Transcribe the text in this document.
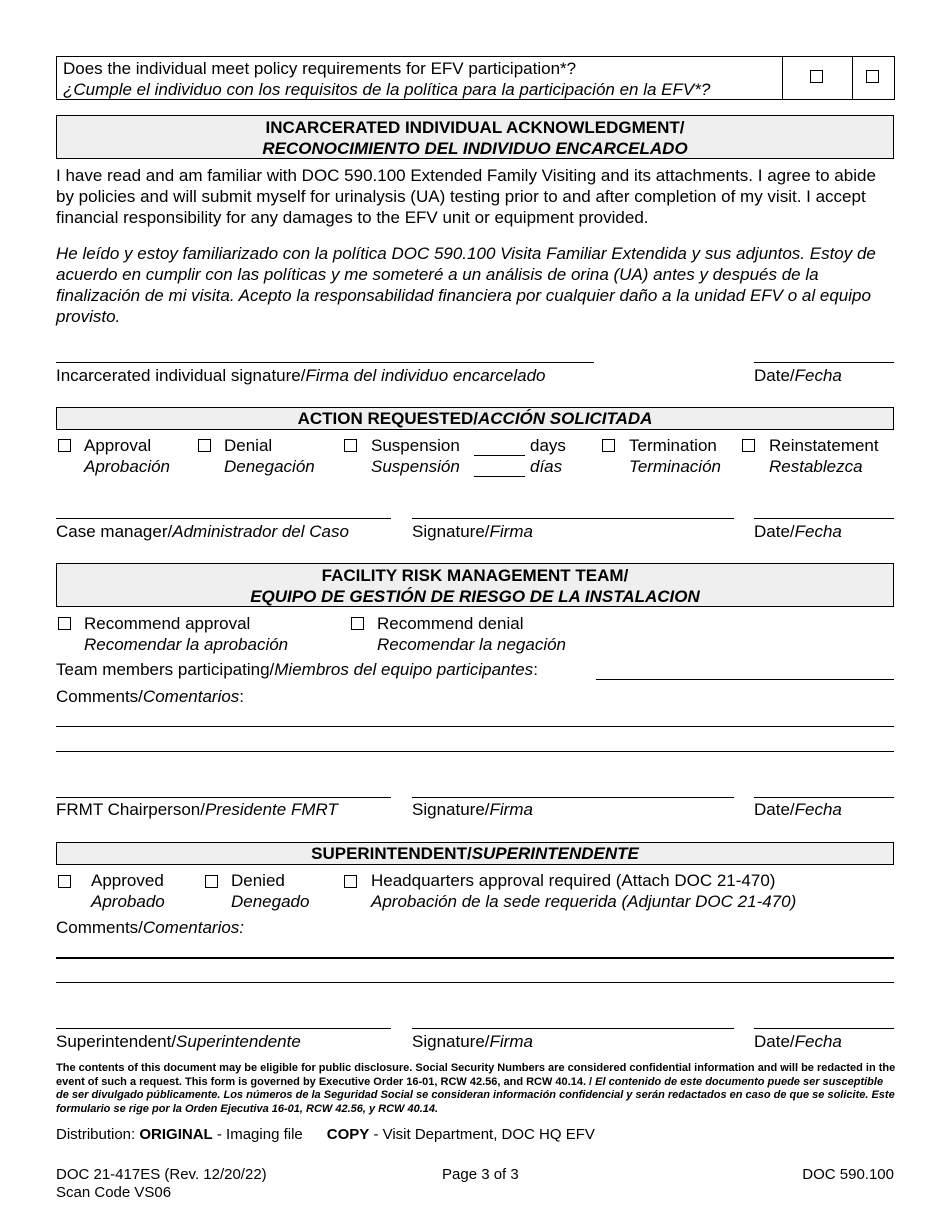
Does the individual meet policy requirements for EFV participation*?
¿Cumple el individuo con los requisitos de la política para la participación en la EFV*?
INCARCERATED INDIVIDUAL ACKNOWLEDGMENT/
RECONOCIMIENTO DEL INDIVIDUO ENCARCELADO
I have read and am familiar with DOC 590.100 Extended Family Visiting and its attachments. I agree to abide by policies and will submit myself for urinalysis (UA) testing prior to and after completion of my visit. I accept financial responsibility for any damages to the EFV unit or equipment provided.
He leído y estoy familiarizado con la política DOC 590.100 Visita Familiar Extendida y sus adjuntos. Estoy de acuerdo en cumplir con las políticas y me someteré a un análisis de orina (UA) antes y después de la finalización de mi visita. Acepto la responsabilidad financiera por cualquier daño a la unidad EFV o al equipo provisto.
Incarcerated individual signature/Firma del individuo encarcelado	Date/Fecha
ACTION REQUESTED/ACCIÓN SOLICITADA
Approval
Aprobación
Denial
Denegación
Suspension
Suspensión
days
días
Termination
Terminación
Reinstatement
Restablezca
Case manager/Administrador del Caso	Signature/Firma	Date/Fecha
FACILITY RISK MANAGEMENT TEAM/
EQUIPO DE GESTIÓN DE RIESGO DE LA INSTALACION
Recommend approval
Recomendar la aprobación
Recommend denial
Recomendar la negación
Team members participating/Miembros del equipo participantes:
Comments/Comentarios:
FRMT Chairperson/Presidente FMRT	Signature/Firma	Date/Fecha
SUPERINTENDENT/SUPERINTENDENTE
Approved
Aprobado
Denied
Denegado
Headquarters approval required (Attach DOC 21-470)
Aprobación de la sede requerida (Adjuntar DOC 21-470)
Comments/Comentarios:
Superintendent/Superintendente	Signature/Firma	Date/Fecha
The contents of this document may be eligible for public disclosure. Social Security Numbers are considered confidential information and will be redacted in the event of such a request. This form is governed by Executive Order 16-01, RCW 42.56, and RCW 40.14. / El contenido de este documento puede ser susceptible de ser divulgado públicamente. Los números de la Seguridad Social se consideran información confidencial y serán redactados en caso de que se solicite. Este formulario se rige por la Orden Ejecutiva 16-01, RCW 42.56, y RCW 40.14.
Distribution: ORIGINAL - Imaging file COPY - Visit Department, DOC HQ EFV
DOC 21-417ES (Rev. 12/20/22)
Scan Code VS06
Page 3 of 3	DOC 590.100
